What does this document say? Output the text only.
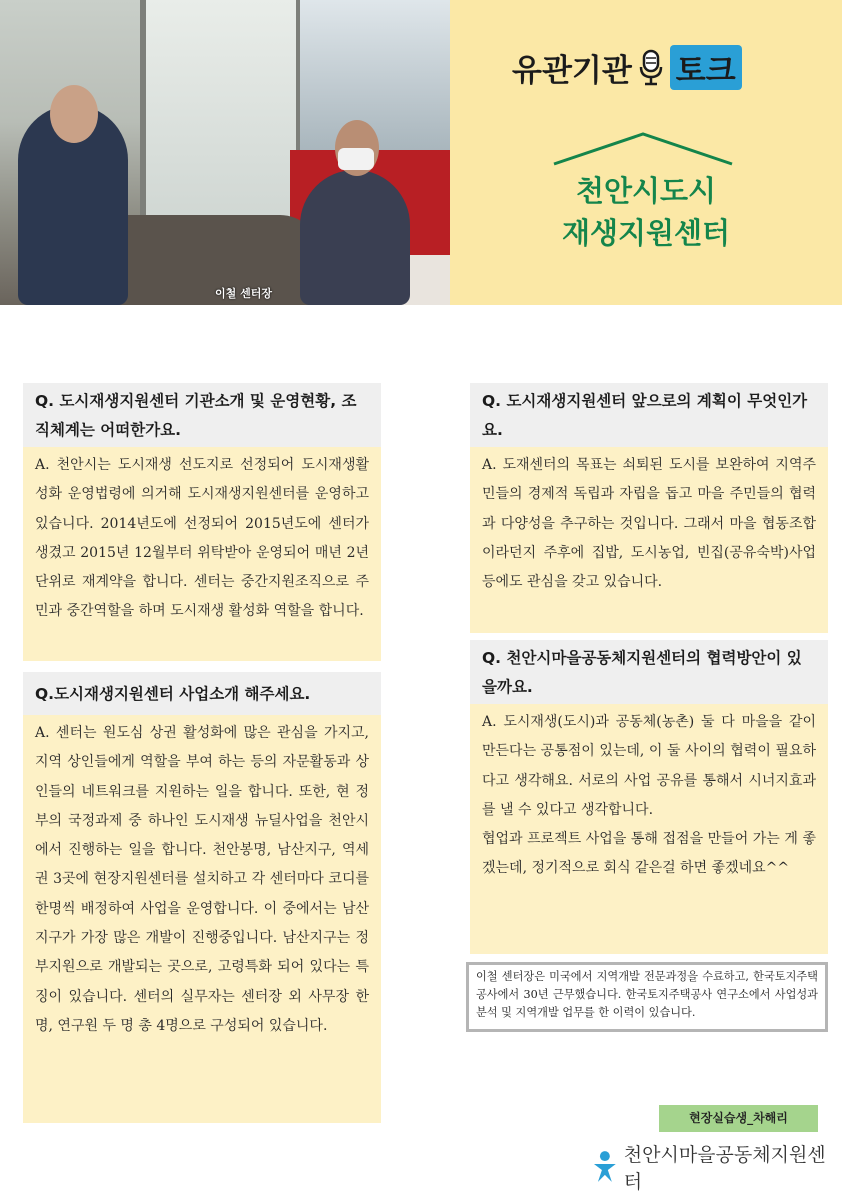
이철 센터장
유관기관 토크
천안시도시
재생지원센터
Q. 도시재생지원센터 기관소개 및 운영현황, 조직체계는 어떠한가요.
A. 천안시는 도시재생 선도지로 선정되어 도시재생활성화 운영법령에 의거해 도시재생지원센터를 운영하고 있습니다. 2014년도에 선정되어 2015년도에 센터가 생겼고 2015년 12월부터 위탁받아 운영되어 매년 2년 단위로 재계약을 합니다. 센터는 중간지원조직으로 주민과 중간역할을 하며 도시재생 활성화 역할을 합니다.
Q.도시재생지원센터 사업소개 해주세요.
A. 센터는 원도심 상권 활성화에 많은 관심을 가지고, 지역 상인들에게 역할을 부여 하는 등의 자문활동과 상인들의 네트워크를 지원하는 일을 합니다. 또한, 현 정부의 국정과제 중 하나인 도시재생 뉴딜사업을 천안시에서 진행하는 일을 합니다. 천안봉명, 남산지구, 역세권 3곳에 현장지원센터를 설치하고 각 센터마다 코디를 한명씩 배정하여 사업을 운영합니다. 이 중에서는 남산지구가 가장 많은 개발이 진행중입니다. 남산지구는 정부지원으로 개발되는 곳으로, 고령특화 되어 있다는 특징이 있습니다. 센터의 실무자는 센터장 외 사무장 한명, 연구원 두 명 총 4명으로 구성되어 있습니다.
Q. 도시재생지원센터 앞으로의 계획이 무엇인가요.
A. 도재센터의 목표는 쇠퇴된 도시를 보완하여 지역주민들의 경제적 독립과 자립을 돕고 마을 주민들의 협력과 다양성을 추구하는 것입니다. 그래서 마을 협동조합 이라던지 주후에 집밥, 도시농업, 빈집(공유숙박)사업 등에도 관심을 갖고 있습니다.
Q. 천안시마을공동체지원센터의 협력방안이 있을까요.
A. 도시재생(도시)과 공동체(농촌) 둘 다 마을을 같이 만든다는 공통점이 있는데, 이 둘 사이의 협력이 필요하다고 생각해요. 서로의 사업 공유를 통해서 시너지효과를 낼 수 있다고 생각합니다.
협업과 프로젝트 사업을 통해 접점을 만들어 가는 게 좋겠는데, 정기적으로 회식 같은걸 하면 좋겠네요^^
이철 센터장은 미국에서 지역개발 전문과정을 수료하고, 한국토지주택공사에서 30년 근무했습니다. 한국토지주택공사 연구소에서 사업성과분석 및 지역개발 업무를 한 이력이 있습니다.
현장실습생_차해리
천안시마을공동체지원센터
